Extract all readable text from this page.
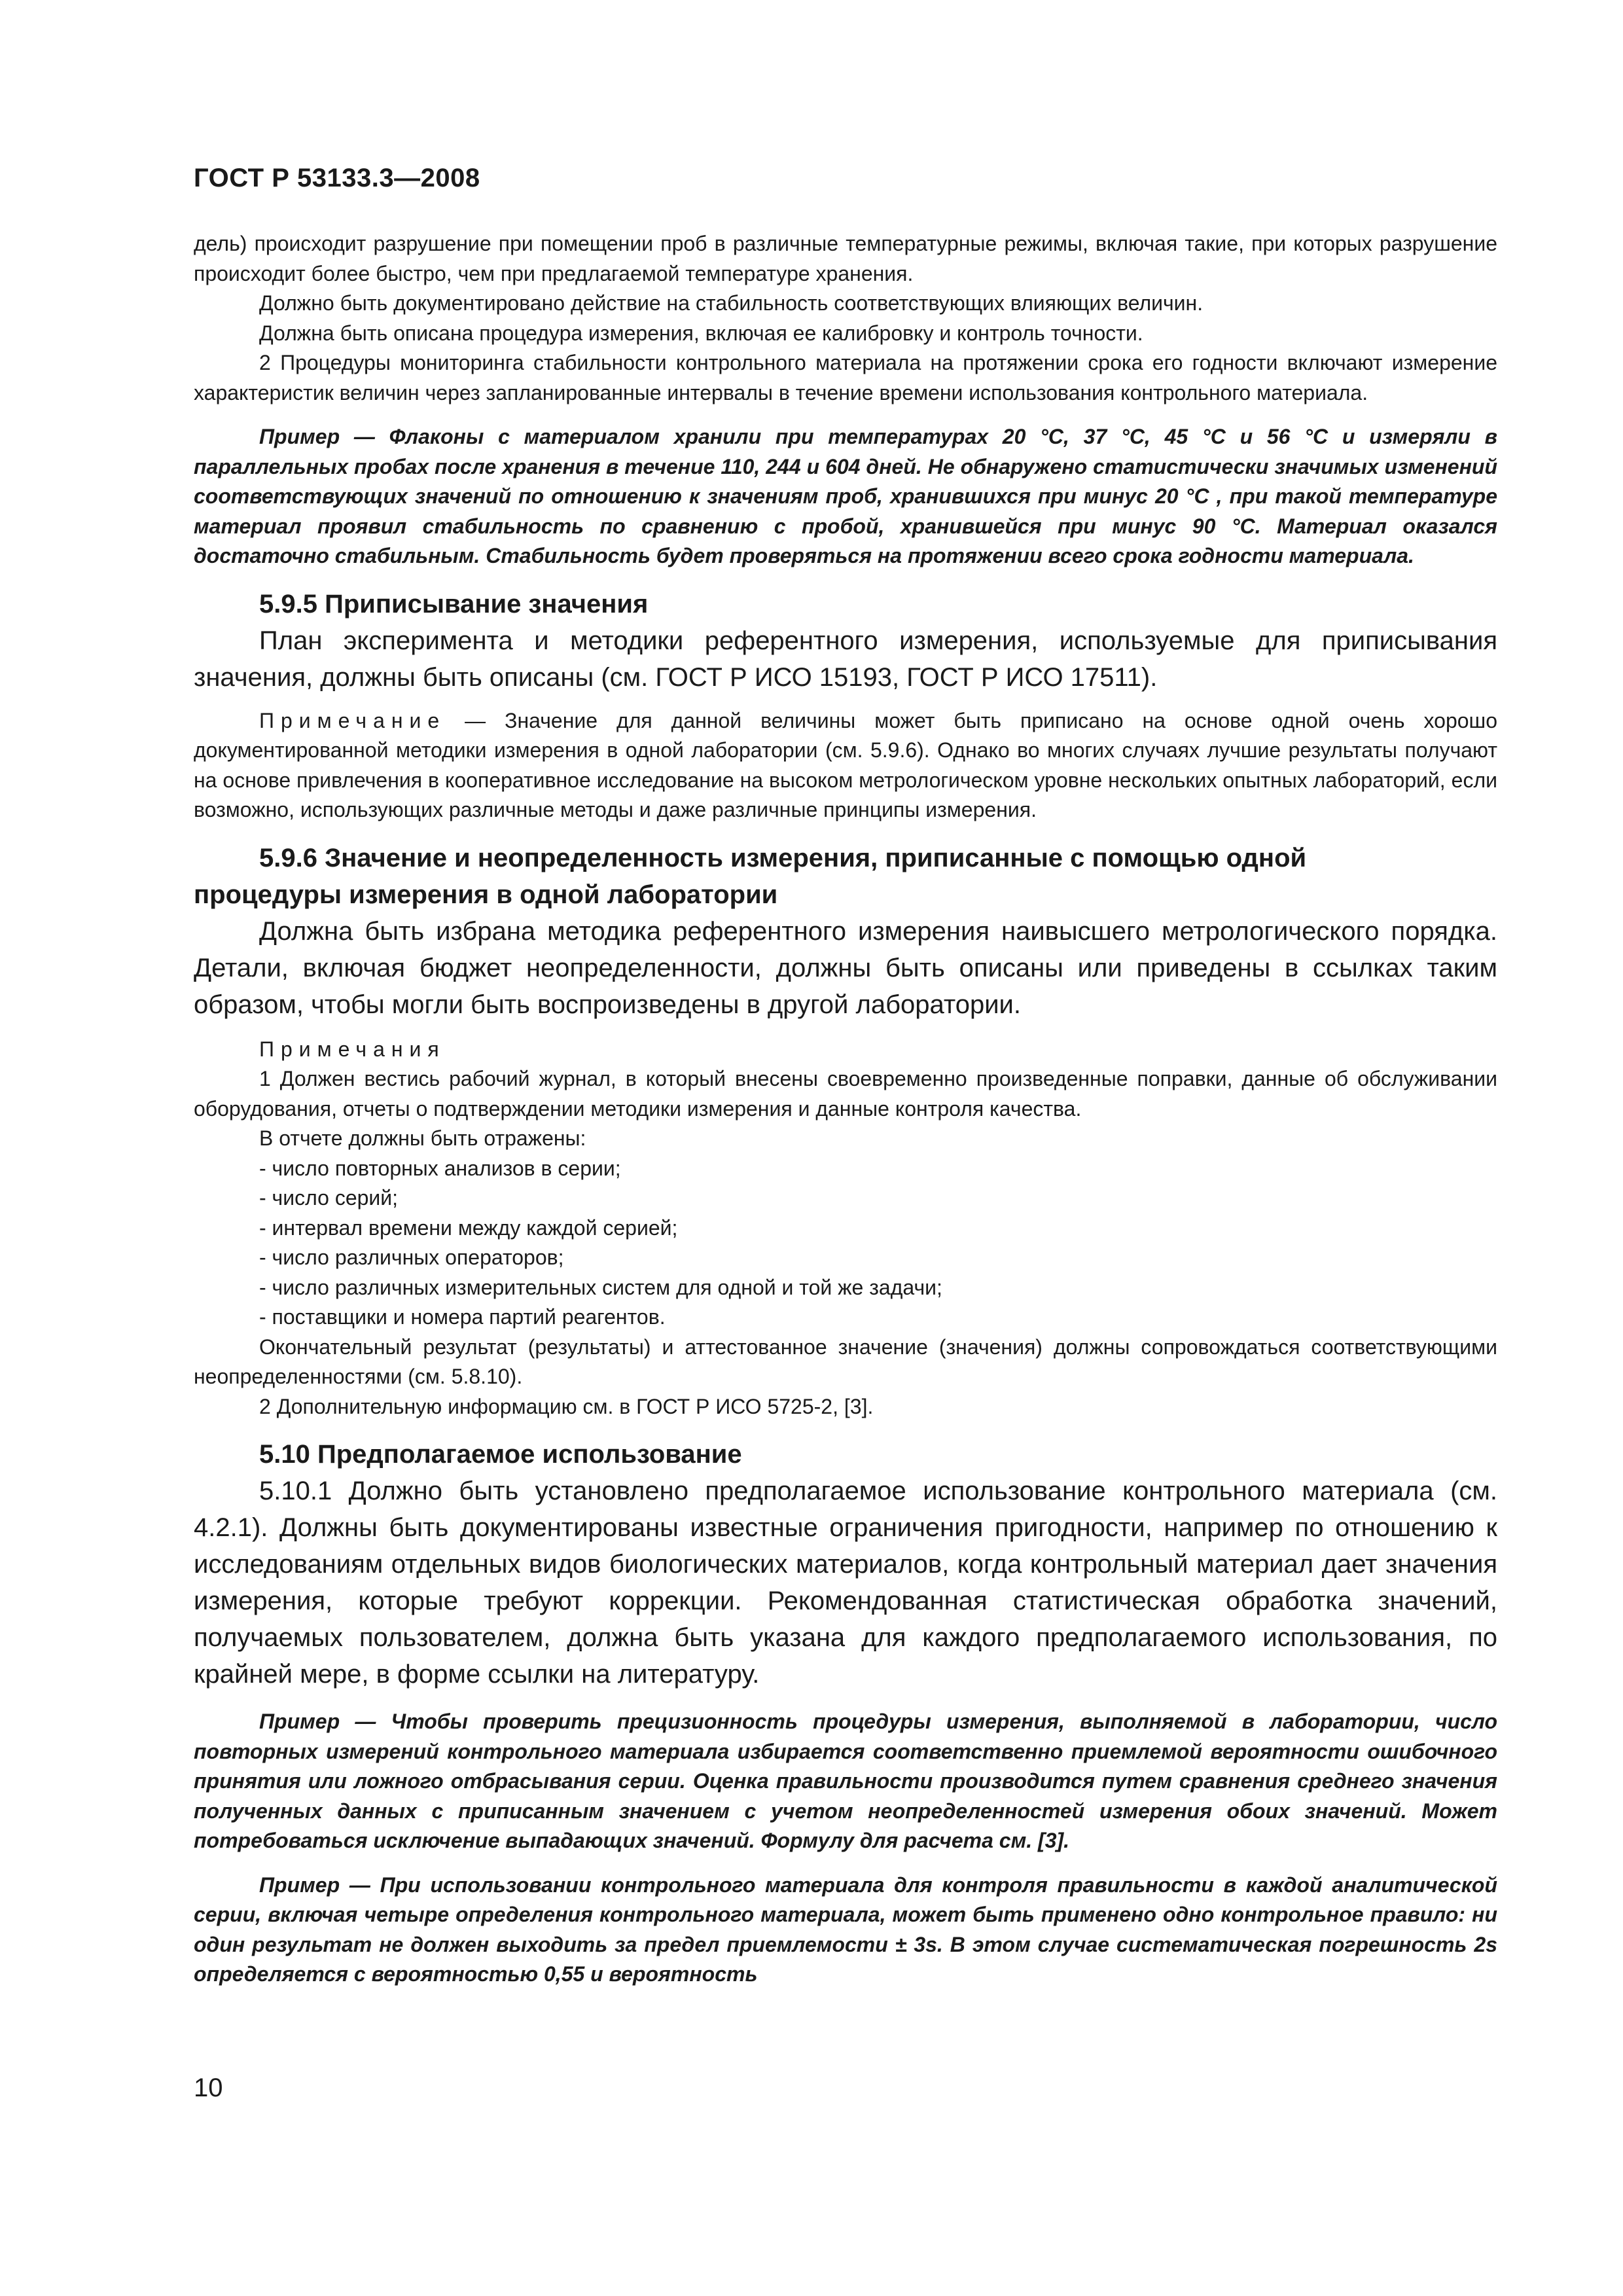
ГОСТ Р 53133.3—2008

дель) происходит разрушение при помещении проб в различные температурные режимы, включая такие, при которых разрушение происходит более быстро, чем при предлагаемой температуре хранения.

Должно быть документировано действие на стабильность соответствующих влияющих величин.

Должна быть описана процедура измерения, включая ее калибровку и контроль точности.

2 Процедуры мониторинга стабильности контрольного материала на протяжении срока его годности включают измерение характеристик величин через запланированные интервалы в течение времени использования контрольного материала.

Пример — Флаконы с материалом хранили при температурах 20 °С, 37 °С, 45 °С и 56 °С и измеряли в параллельных пробах после хранения в течение 110, 244 и 604 дней. Не обнаружено статистически значимых изменений соответствующих значений по отношению к значениям проб, хранившихся при минус 20 °С , при такой температуре материал проявил стабильность по сравнению с пробой, хранившейся при минус 90 °С. Материал оказался достаточно стабильным. Стабильность будет проверяться на протяжении всего срока годности материала.

5.9.5 Приписывание значения

План эксперимента и методики референтного измерения, используемые для приписывания значения, должны быть описаны (см. ГОСТ Р ИСО 15193, ГОСТ Р ИСО 17511).

Примечание — Значение для данной величины может быть приписано на основе одной очень хорошо документированной методики измерения в одной лаборатории (см. 5.9.6). Однако во многих случаях лучшие результаты получают на основе привлечения в кооперативное исследование на высоком метрологическом уровне нескольких опытных лабораторий, если возможно, использующих различные методы и даже различные принципы измерения.

5.9.6 Значение и неопределенность измерения, приписанные с помощью одной
процедуры измерения в одной лаборатории

Должна быть избрана методика референтного измерения наивысшего метрологического порядка. Детали, включая бюджет неопределенности, должны быть описаны или приведены в ссылках таким образом, чтобы могли быть воспроизведены в другой лаборатории.

Примечания

1 Должен вестись рабочий журнал, в который внесены своевременно произведенные поправки, данные об обслуживании оборудования, отчеты о подтверждении методики измерения и данные контроля качества.

В отчете должны быть отражены:

- число повторных анализов в серии;

- число серий;

- интервал времени между каждой серией;

- число различных операторов;

- число различных измерительных систем для одной и той же задачи;

- поставщики и номера партий реагентов.

Окончательный результат (результаты) и аттестованное значение (значения) должны сопровождаться соответствующими неопределенностями (см. 5.8.10).

2 Дополнительную информацию см. в ГОСТ Р ИСО 5725-2, [3].

5.10 Предполагаемое использование

5.10.1 Должно быть установлено предполагаемое использование контрольного материала (см. 4.2.1). Должны быть документированы известные ограничения пригодности, например по отношению к исследованиям отдельных видов биологических материалов, когда контрольный материал дает значения измерения, которые требуют коррекции. Рекомендованная статистическая обработка значений, получаемых пользователем, должна быть указана для каждого предполагаемого использования, по крайней мере, в форме ссылки на литературу.

Пример — Чтобы проверить прецизионность процедуры измерения, выполняемой в лаборатории, число повторных измерений контрольного материала избирается соответственно приемлемой вероятности ошибочного принятия или ложного отбрасывания серии. Оценка правильности производится путем сравнения среднего значения полученных данных с приписанным значением с учетом неопределенностей измерения обоих значений. Может потребоваться исключение выпадающих значений. Формулу для расчета см. [3].

Пример — При использовании контрольного материала для контроля правильности в каждой аналитической серии, включая четыре определения контрольного материала, может быть применено одно контрольное правило: ни один результат не должен выходить за предел приемлемости ± 3s. В этом случае систематическая погрешность 2s определяется с вероятностью 0,55 и вероятность

10
